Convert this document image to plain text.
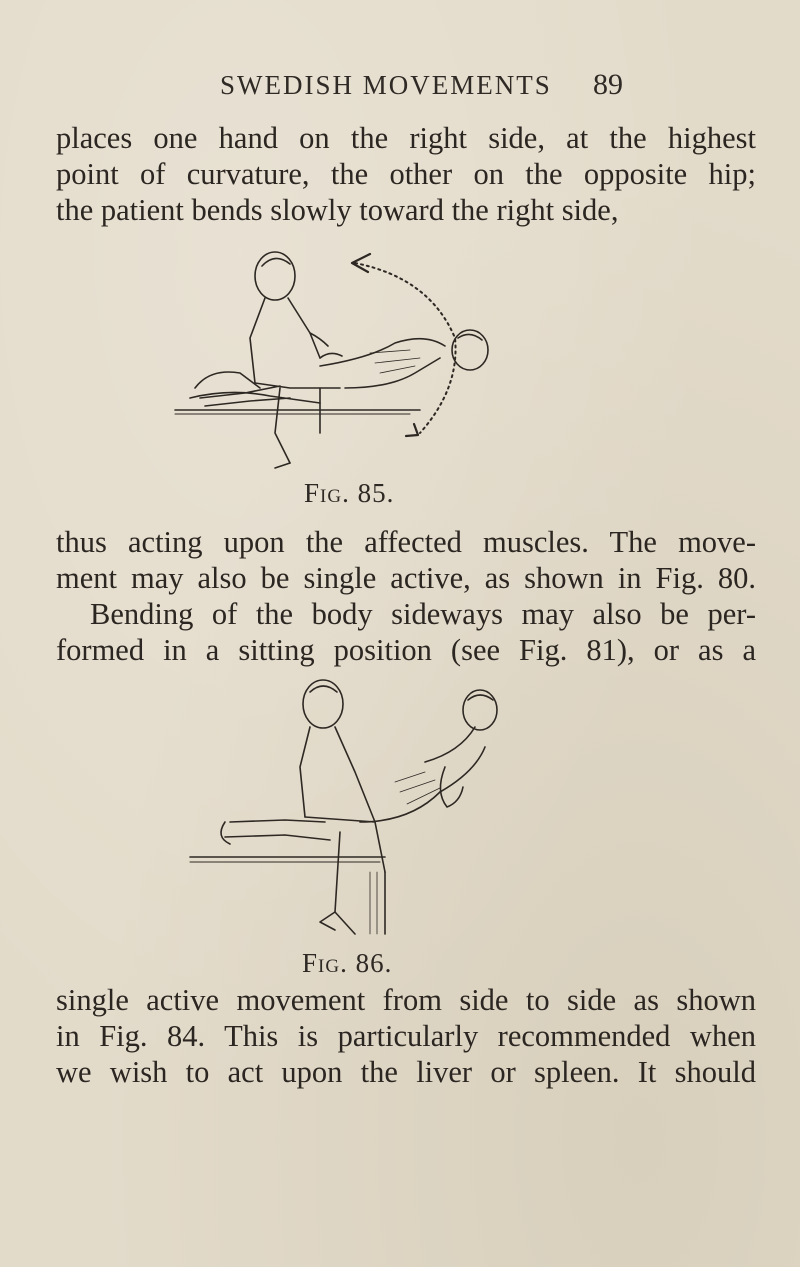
SWEDISH MOVEMENTS 89

places one hand on the right side, at the highest
point of curvature, the other on the opposite hip;
the patient bends slowly toward the right side,

Fig. 85.

thus acting upon the affected muscles. The move-
ment may also be single active, as shown in Fig. 80.
Bending of the body sideways may also be per-
formed in a sitting position (see Fig. 81), or as a

Fig. 86.

single active movement from side to side as shown
in Fig. 84. This is particularly recommended when
we wish to act upon the liver or spleen. It should
